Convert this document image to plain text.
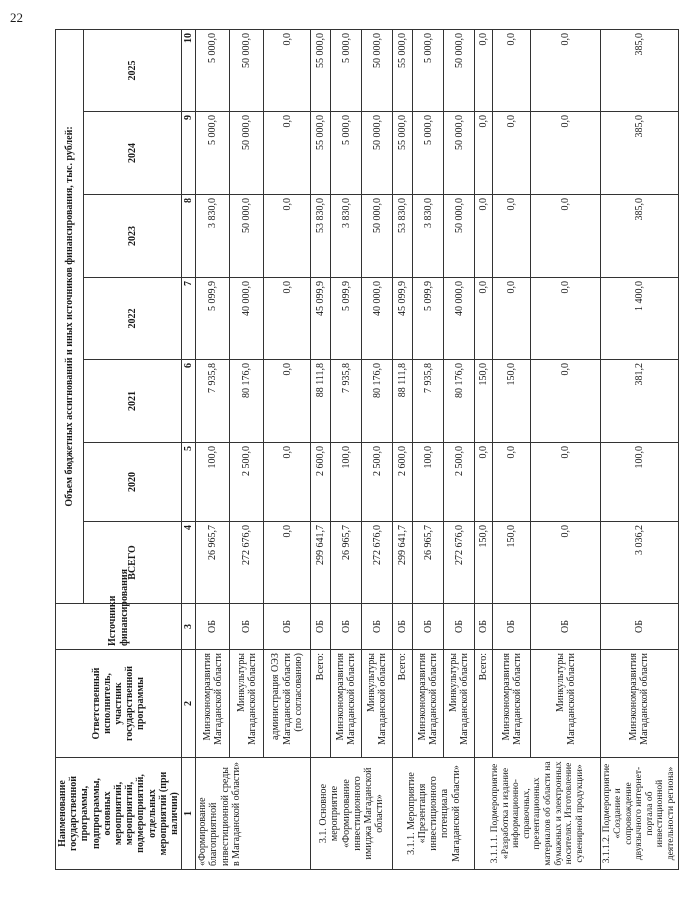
22
Наименование государственной программы, подпрограммы, основных мероприятий, мероприятий, подмероприятий, отдельных мероприятий (при наличии)	Ответственный исполнитель, участник государственной программы	Источники финансирования	Объем бюджетных ассигнований и иных источников финансирования, тыс. рублей:						
			ВСЕГО	2020	2021	2022	2023	2024	2025
1	2	3	4	5	6	7	8	9	10
«Формирование благоприятной инвестиционной среды в Магаданской области»	Минэкономразвития Магаданской области	ОБ	26 965,7	100,0	7 935,8	5 099,9	3 830,0	5 000,0	5 000,0
	Минкультуры Магаданской области	ОБ	272 676,0	2 500,0	80 176,0	40 000,0	50 000,0	50 000,0	50 000,0
	администрация ОЭЗ Магаданской области (по согласованию)	ОБ	0,0	0,0	0,0	0,0	0,0	0,0	0,0
3.1. Основное мероприятие «Формирование инвестиционного имиджа Магаданской области»	Всего:	ОБ	299 641,7	2 600,0	88 111,8	45 099,9	53 830,0	55 000,0	55 000,0
	Минэкономразвития Магаданской области	ОБ	26 965,7	100,0	7 935,8	5 099,9	3 830,0	5 000,0	5 000,0
	Минкультуры Магаданской области	ОБ	272 676,0	2 500,0	80 176,0	40 000,0	50 000,0	50 000,0	50 000,0
3.1.1. Мероприятие «Презентация инвестиционного потенциала Магаданской области»	Всего:	ОБ	299 641,7	2 600,0	88 111,8	45 099,9	53 830,0	55 000,0	55 000,0
	Минэкономразвития Магаданской области	ОБ	26 965,7	100,0	7 935,8	5 099,9	3 830,0	5 000,0	5 000,0
	Минкультуры Магаданской области	ОБ	272 676,0	2 500,0	80 176,0	40 000,0	50 000,0	50 000,0	50 000,0
3.1.1.1. Подмероприятие «Разработка и издание информационно-справочных, презентационных материалов об области на бумажных и электронных носителях. Изготовление сувенирной продукции»	Всего:	ОБ	150,0	0,0	150,0	0,0	0,0	0,0	0,0
	Минэкономразвития Магаданской области	ОБ	150,0	0,0	150,0	0,0	0,0	0,0	0,0
	Минкультуры Магаданской области	ОБ	0,0	0,0	0,0	0,0	0,0	0,0	0,0
3.1.1.2. Подмероприятие «Создание и сопровождение двуязычного интернет-портала об инвестиционной деятельности региона»	Минэкономразвития Магаданской области	ОБ	3 036,2	100,0	381,2	1 400,0	385,0	385,0	385,0
